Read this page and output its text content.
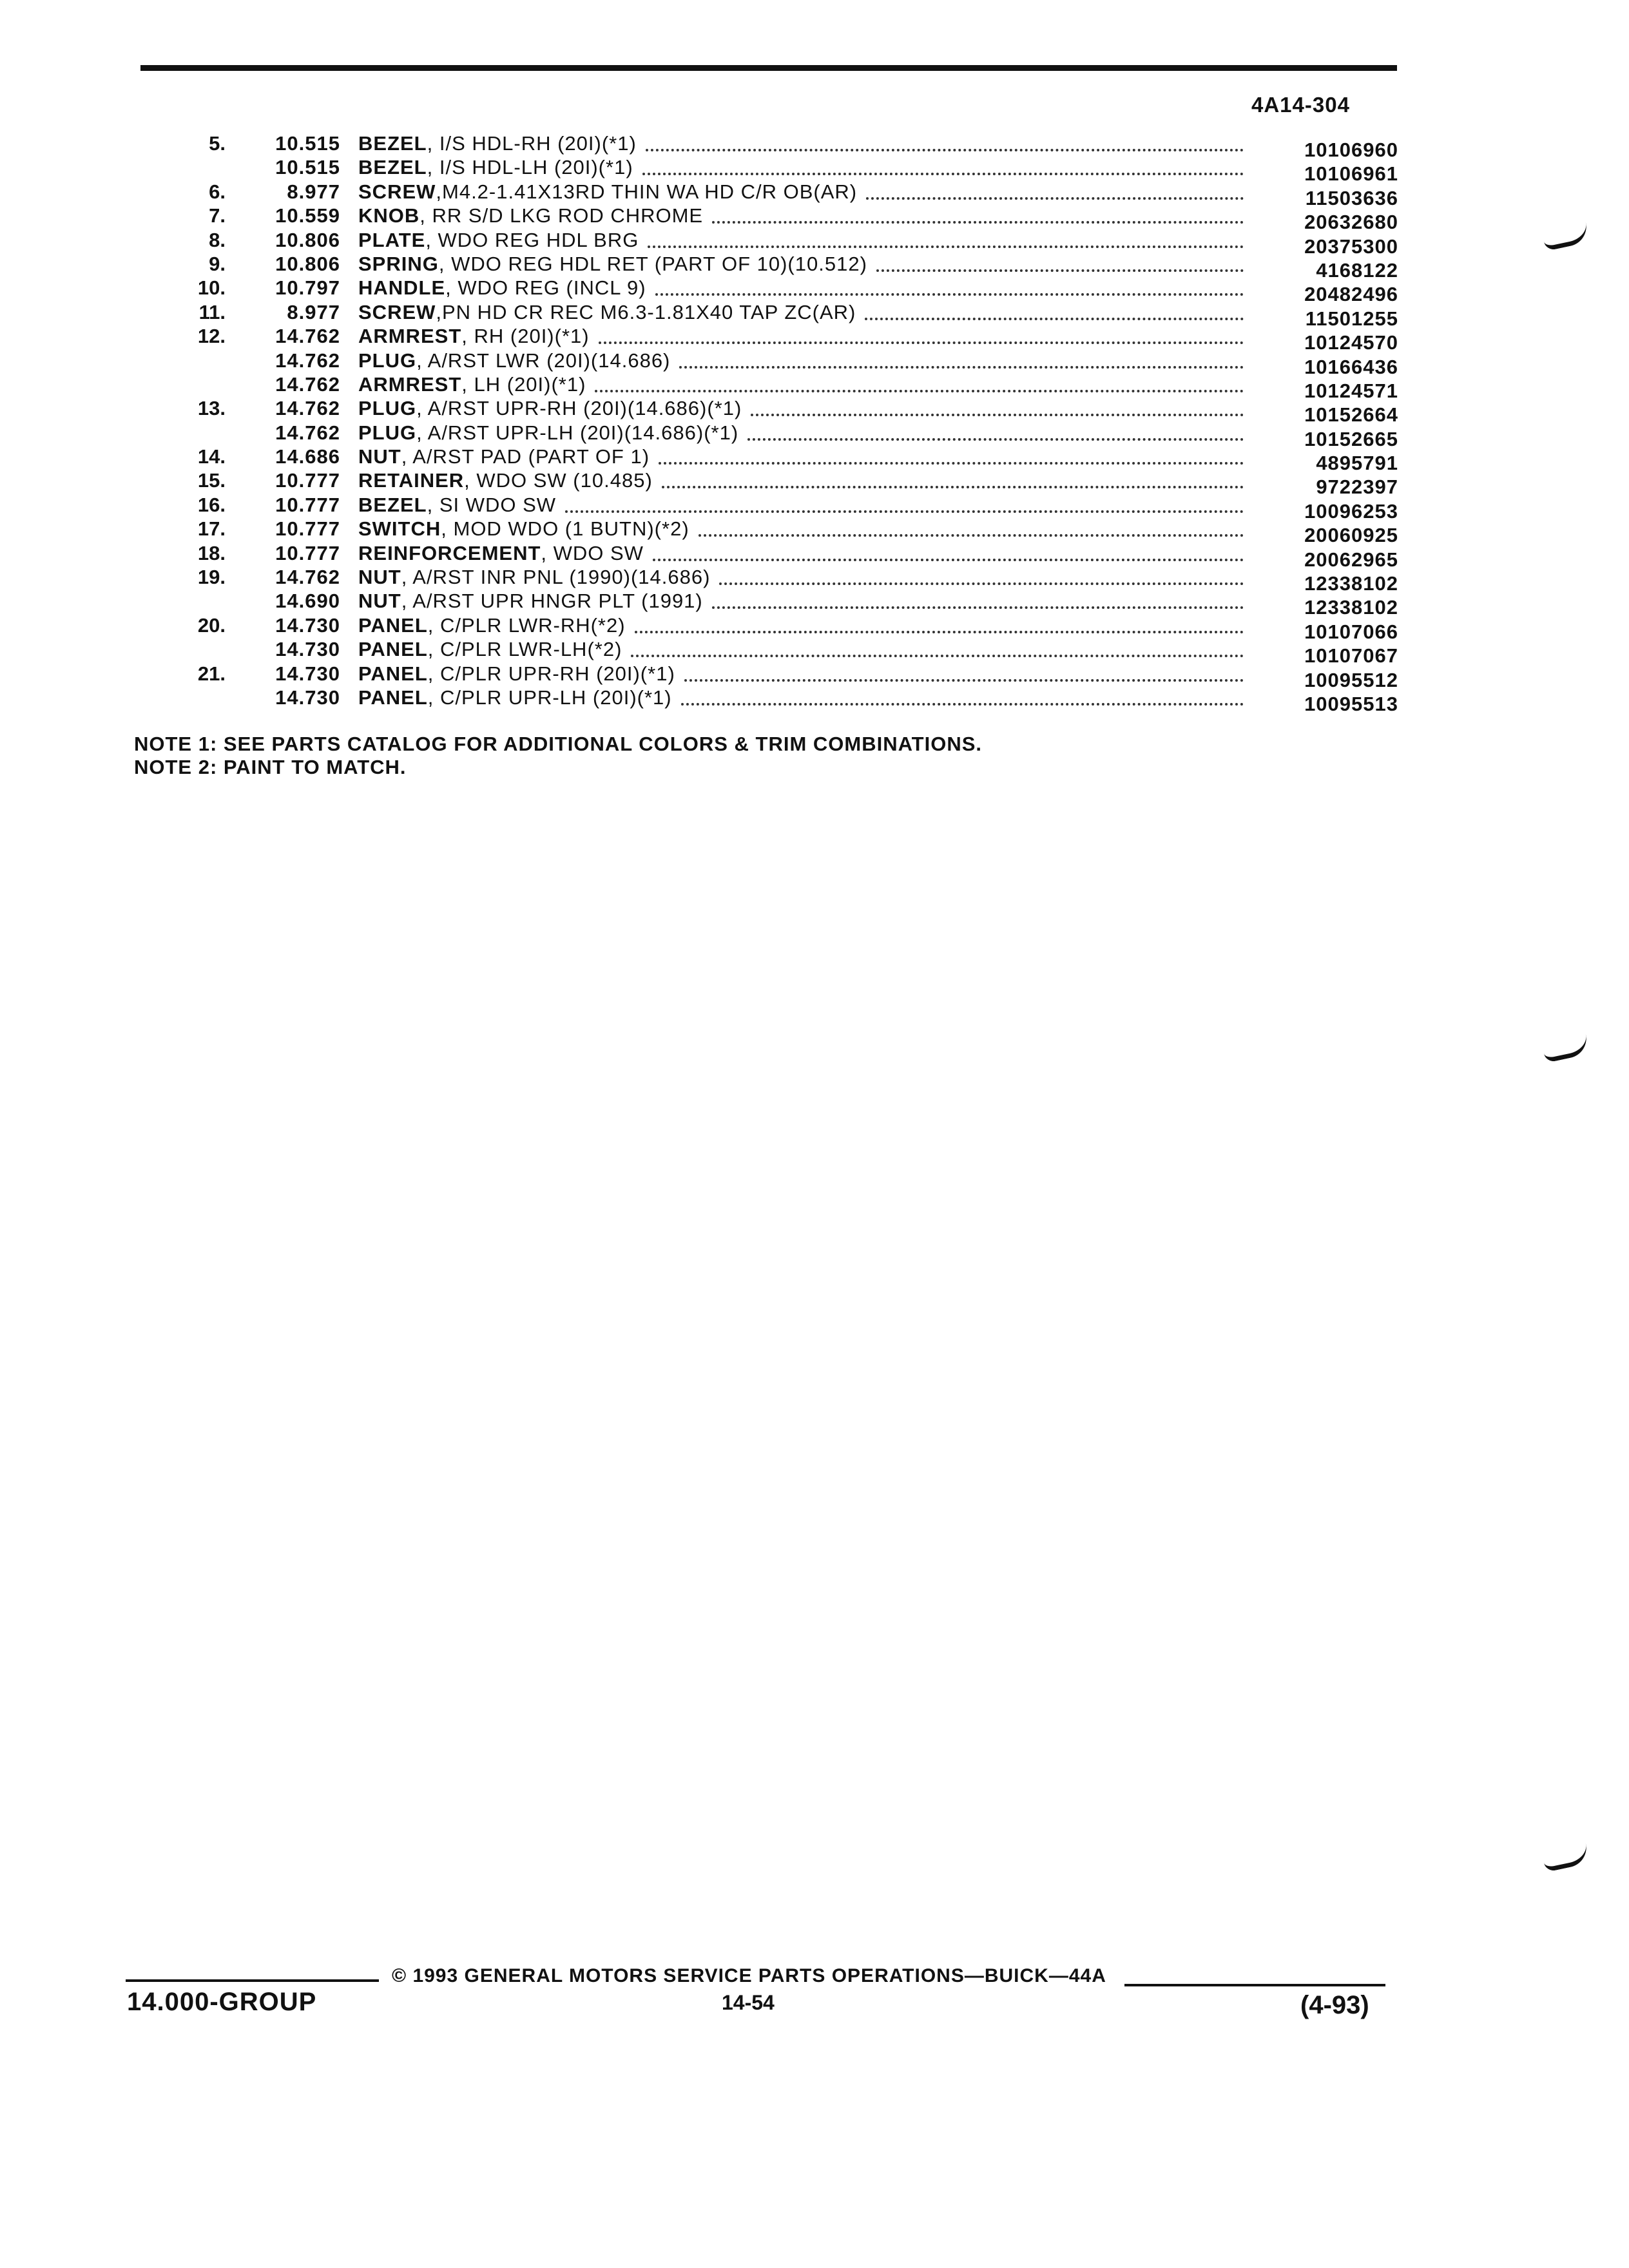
4A14-304
5.	10.515 BEZEL, I/S HDL-RH (20I)(*1)	10106960
10.515 BEZEL, I/S HDL-LH (20I)(*1)	10106961
6.	8.977 SCREW,M4.2-1.41X13RD THIN WA HD C/R OB(AR)	11503636
7.	10.559 KNOB, RR S/D LKG ROD CHROME	20632680
8.	10.806 PLATE, WDO REG HDL BRG	20375300
9.	10.806 SPRING, WDO REG HDL RET (PART OF 10)(10.512)	4168122
10.	10.797 HANDLE, WDO REG (INCL 9)	20482496
11.	8.977 SCREW,PN HD CR REC M6.3-1.81X40 TAP ZC(AR)	11501255
12.	14.762 ARMREST, RH (20I)(*1)	10124570
14.762 PLUG, A/RST LWR (20I)(14.686)	10166436
14.762 ARMREST, LH (20I)(*1)	10124571
13.	14.762 PLUG, A/RST UPR-RH (20I)(14.686)(*1)	10152664
14.762 PLUG, A/RST UPR-LH (20I)(14.686)(*1)	10152665
14.	14.686 NUT, A/RST PAD (PART OF 1)	4895791
15.	10.777 RETAINER, WDO SW (10.485)	9722397
16.	10.777 BEZEL, SI WDO SW	10096253
17.	10.777 SWITCH, MOD WDO (1 BUTN)(*2)	20060925
18.	10.777 REINFORCEMENT, WDO SW	20062965
19.	14.762 NUT, A/RST INR PNL (1990)(14.686)	12338102
14.690 NUT, A/RST UPR HNGR PLT (1991)	12338102
20.	14.730 PANEL, C/PLR LWR-RH(*2)	10107066
14.730 PANEL, C/PLR LWR-LH(*2)	10107067
21.	14.730 PANEL, C/PLR UPR-RH (20I)(*1)	10095512
14.730 PANEL, C/PLR UPR-LH (20I)(*1)	10095513
NOTE 1: SEE PARTS CATALOG FOR ADDITIONAL COLORS & TRIM COMBINATIONS.
NOTE 2: PAINT TO MATCH.
© 1993 GENERAL MOTORS SERVICE PARTS OPERATIONS—BUICK—44A
14.000-GROUP	14-54	(4-93)
